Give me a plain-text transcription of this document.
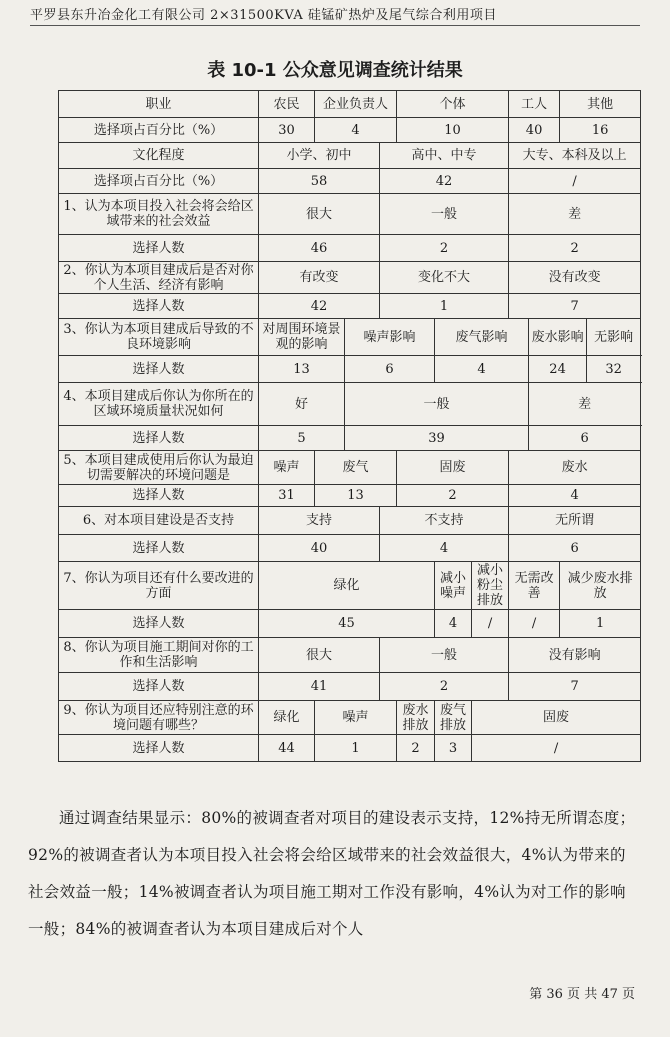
平罗县东升冶金化工有限公司 2×31500KVA 硅锰矿热炉及尾气综合利用项目
表 10-1 公众意见调查统计结果
职业	农民	企业负责人			个体			工人		其他	
选择项占百分比（%）	30	4			10			40		16	
文化程度	小学、初中			高中、中专				大专、本科及以上			
选择项占百分比（%）	58			42				/			
1、认为本项目投入社会将会给区域带来的社会效益	很大			一般				差			
选择人数	46			2				2			
2、你认为本项目建成后是否对你个人生活、经济有影响	有改变			变化不大				没有改变			
选择人数	42			1				7			
3、你认为本项目建成后导致的不良环境影响	对周围环境景观的影响		噪声影响			废气影响			废水影响		无影响
选择人数	13		6			4			24		32
4、本项目建成后你认为你所在的区域环境质量状况如何	好		一般						差		
选择人数	5		39						6		
5、本项目建成使用后你认为最迫切需要解决的环境问题是	噪声	废气			固废			废水			
选择人数	31	13			2			4			
6、对本项目建设是否支持	支持			不支持				无所谓			
选择人数	40			4				6			
7、你认为项目还有什么要改进的方面	绿化					减小噪声	减小粉尘排放	无需改善		减少废水排放	
选择人数	45					4	/	/		1	
8、你认为项目施工期间对你的工作和生活影响	很大			一般				没有影响			
选择人数	41			2				7			
9、你认为项目还应特别注意的环境问题有哪些？	绿化	噪声			废水排放	废气排放	固废				
选择人数	44	1			2	3	/				
通过调查结果显示：80%的被调查者对项目的建设表示支持，12%持无所谓态度；92%的被调查者认为本项目投入社会将会给区域带来的社会效益很大，4%认为带来的社会效益一般；14%被调查者认为项目施工期对工作没有影响，4%认为对工作的影响一般；84%的被调查者认为本项目建成后对个人
第 36 页 共 47 页
